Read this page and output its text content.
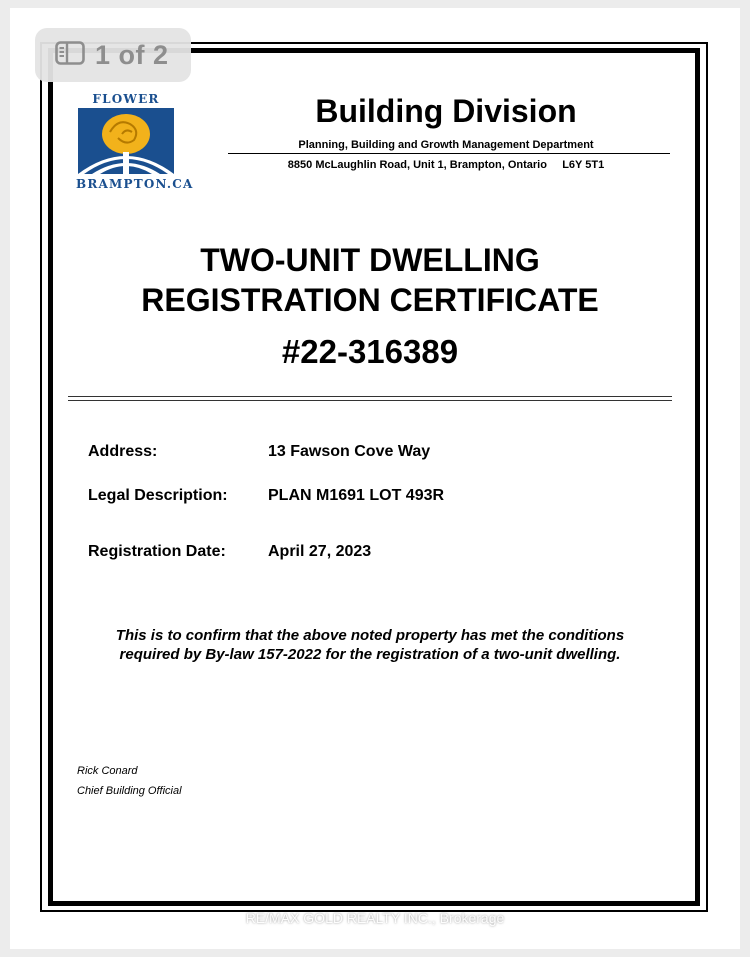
1 of 2
FLOWER
BRAMPTON.CA
Building Division
Planning, Building and Growth Management Department
8850 McLaughlin Road, Unit 1, Brampton, Ontario     L6Y 5T1
TWO-UNIT DWELLING
REGISTRATION CERTIFICATE
#22-316389
Address:	13 Fawson Cove Way
Legal Description:	PLAN M1691 LOT 493R
Registration Date:	April 27, 2023
This is to confirm that the above noted property has met the conditions
required by By-law 157-2022 for the registration of a two-unit dwelling.
Rick Conard
Chief Building Official
RE/MAX GOLD REALTY INC., Brokerage
